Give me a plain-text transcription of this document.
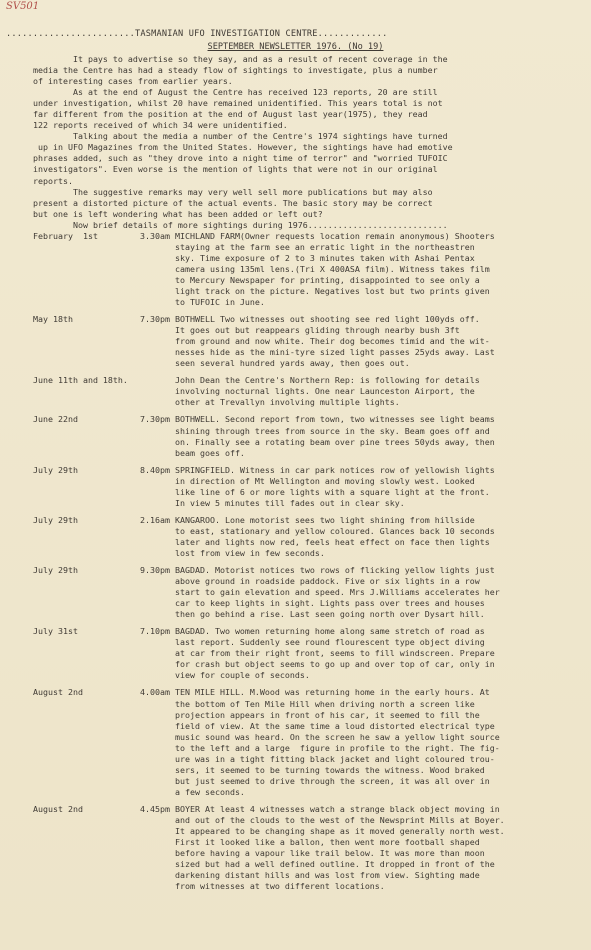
SV501
........................TASMANIAN UFO INVESTIGATION CENTRE.............
SEPTEMBER NEWSLETTER 1976. (No 19)
It pays to advertise so they say, and as a result of recent coverage in the
media the Centre has had a steady flow of sightings to investigate, plus a number
of interesting cases from earlier years.
As at the end of August the Centre has received 123 reports, 20 are still
under investigation, whilst 20 have remained unidentified. This years total is not
far different from the position at the end of August last year(1975), they read
122 reports received of which 34 were unidentified.
Talking about the media a number of the Centre's 1974 sightings have turned
up in UFO Magazines from the United States. However, the sightings have had emotive
phrases added, such as "they drove into a night time of terror" and "worried TUFOIC
investigators". Even worse is the mention of lights that were not in our original
reports.
The suggestive remarks may very well sell more publications but may also
present a distorted picture of the actual events. The basic story may be correct
but one is left wondering what has been added or left out?
Now brief details of more sightings during 1976............................
February  1st	3.30am MICHLAND FARM(Owner requests location remain anonymous) Shooters
staying at the farm see an erratic light in the northeastren
sky. Time exposure of 2 to 3 minutes taken with Ashai Pentax
camera using 135ml lens.(Tri X 400ASA film). Witness takes film
to Mercury Newspaper for printing, disappointed to see only a
light track on the picture. Negatives lost but two prints given
to TUFOIC in June.
May 18th	7.30pm BOTHWELL Two witnesses out shooting see red light 100yds off.
It goes out but reappears gliding through nearby bush 3ft
from ground and now white. Their dog becomes timid and the wit-
nesses hide as the mini-tyre sized light passes 25yds away. Last
seen several hundred yards away, then goes out.
June 11th and 18th.	John Dean the Centre's Northern Rep: is following for details
involving nocturnal lights. One near Launceston Airport, the
other at Trevallyn involving multiple lights.
June 22nd	7.30pm BOTHWELL. Second report from town, two witnesses see light beams
shining through trees from source in the sky. Beam goes off and
on. Finally see a rotating beam over pine trees 50yds away, then
beam goes off.
July 29th	8.40pm SPRINGFIELD. Witness in car park notices row of yellowish lights
in direction of Mt Wellington and moving slowly west. Looked
like line of 6 or more lights with a square light at the front.
In view 5 minutes till fades out in clear sky.
July 29th	2.16am KANGAROO. Lone motorist sees two light shining from hillside
to east, stationary and yellow coloured. Glances back 10 seconds
later and lights now red, feels heat effect on face then lights
lost from view in few seconds.
July 29th	9.30pm BAGDAD. Motorist notices two rows of flicking yellow lights just
above ground in roadside paddock. Five or six lights in a row
start to gain elevation and speed. Mrs J.Williams accelerates her
car to keep lights in sight. Lights pass over trees and houses
then go behind a rise. Last seen going north over Dysart hill.
July 31st	7.10pm BAGDAD. Two women returning home along same stretch of road as
last report. Suddenly see round flourescent type object diving
at car from their right front, seems to fill windscreen. Prepare
for crash but object seems to go up and over top of car, only in
view for couple of seconds.
August 2nd	4.00am TEN MILE HILL. M.Wood was returning home in the early hours. At
the bottom of Ten Mile Hill when driving north a screen like
projection appears in front of his car, it seemed to fill the
field of view. At the same time a loud distorted electrical type
music sound was heard. On the screen he saw a yellow light source
to the left and a large  figure in profile to the right. The fig-
ure was in a tight fitting black jacket and light coloured trou-
sers, it seemed to be turning towards the witness. Wood braked
but just seemed to drive through the screen, it was all over in
a few seconds.
August 2nd	4.45pm BOYER At least 4 witnesses watch a strange black object moving in
and out of the clouds to the west of the Newsprint Mills at Boyer.
It appeared to be changing shape as it moved generally north west.
First it looked like a ballon, then went more football shaped
before having a vapour like trail below. It was more than moon
sized but had a well defined outline. It dropped in front of the
darkening distant hills and was lost from view. Sighting made
from witnesses at two different locations.
